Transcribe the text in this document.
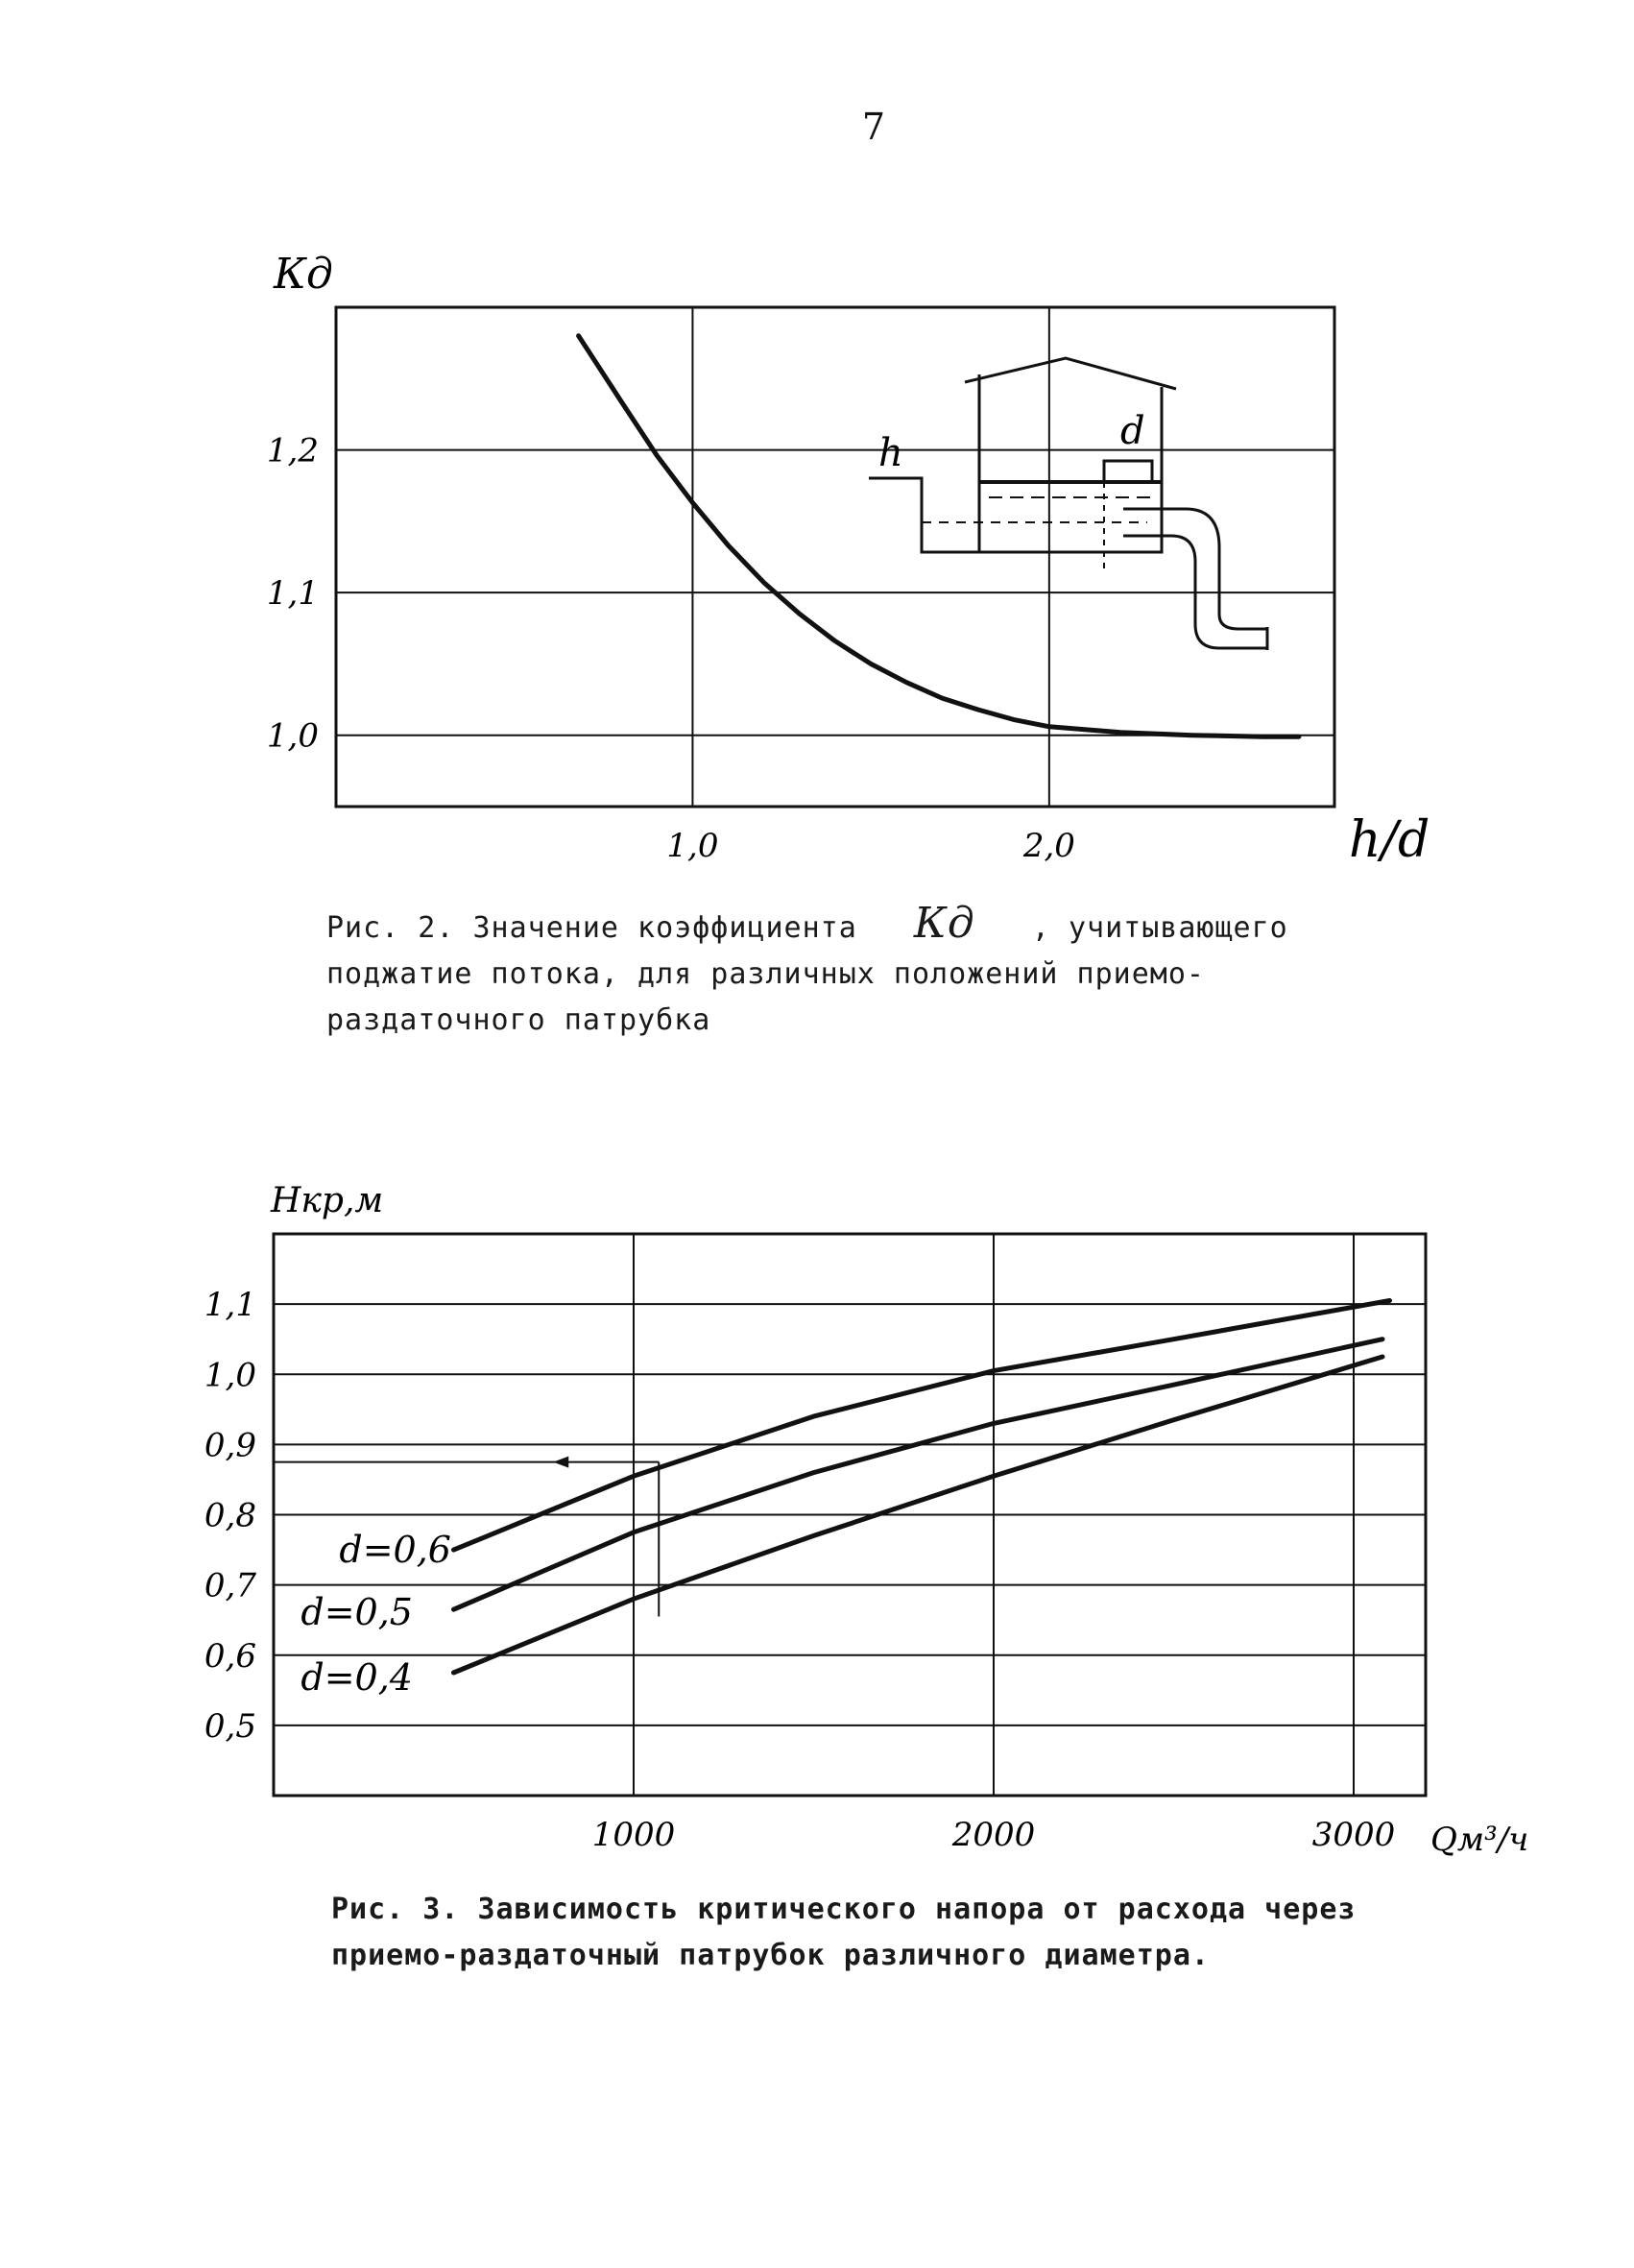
7
1,0	2,0
1,0
1,1
1,2
Кд
h/d
h	d
Рис. 2. Значение коэффициента Кд , учитывающего поджатие потока, для различных положений приемо-раздаточного патрубка
1000	2000	3000
0,5
0,6
0,7
0,8
0,9
1,0
1,1
Нкр,м
Qм³/ч
d=0,6
d=0,5
d=0,4
Рис. 3. Зависимость критического напора от расхода через приемо-раздаточный патрубок различного диаметра.
